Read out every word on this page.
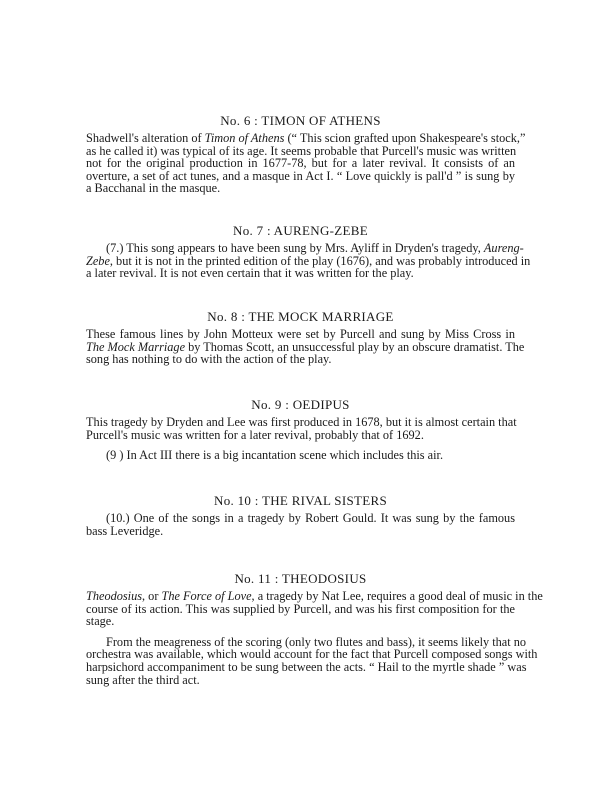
No. 6 : TIMON OF ATHENS
Shadwell's alteration of Timon of Athens (“ This scion grafted upon Shakespeare's stock,”
as he called it) was typical of its age. It seems probable that Purcell's music was written
not for the original production in 1677-78, but for a later revival. It consists of an
overture, a set of act tunes, and a masque in Act I. “ Love quickly is pall'd ” is sung by
a Bacchanal in the masque.
No. 7 : AURENG-ZEBE
(7.) This song appears to have been sung by Mrs. Ayliff in Dryden's tragedy, Aureng-
Zebe, but it is not in the printed edition of the play (1676), and was probably introduced in
a later revival. It is not even certain that it was written for the play.
No. 8 : THE MOCK MARRIAGE
These famous lines by John Motteux were set by Purcell and sung by Miss Cross in
The Mock Marriage by Thomas Scott, an unsuccessful play by an obscure dramatist. The
song has nothing to do with the action of the play.
No. 9 : OEDIPUS
This tragedy by Dryden and Lee was first produced in 1678, but it is almost certain that
Purcell's music was written for a later revival, probably that of 1692.
(9 ) In Act III there is a big incantation scene which includes this air.
No. 10 : THE RIVAL SISTERS
(10.) One of the songs in a tragedy by Robert Gould. It was sung by the famous
bass Leveridge.
No. 11 : THEODOSIUS
Theodosius, or The Force of Love, a tragedy by Nat Lee, requires a good deal of music in the
course of its action. This was supplied by Purcell, and was his first composition for the
stage.
From the meagreness of the scoring (only two flutes and bass), it seems likely that no
orchestra was available, which would account for the fact that Purcell composed songs with
harpsichord accompaniment to be sung between the acts. “ Hail to the myrtle shade ” was
sung after the third act.
